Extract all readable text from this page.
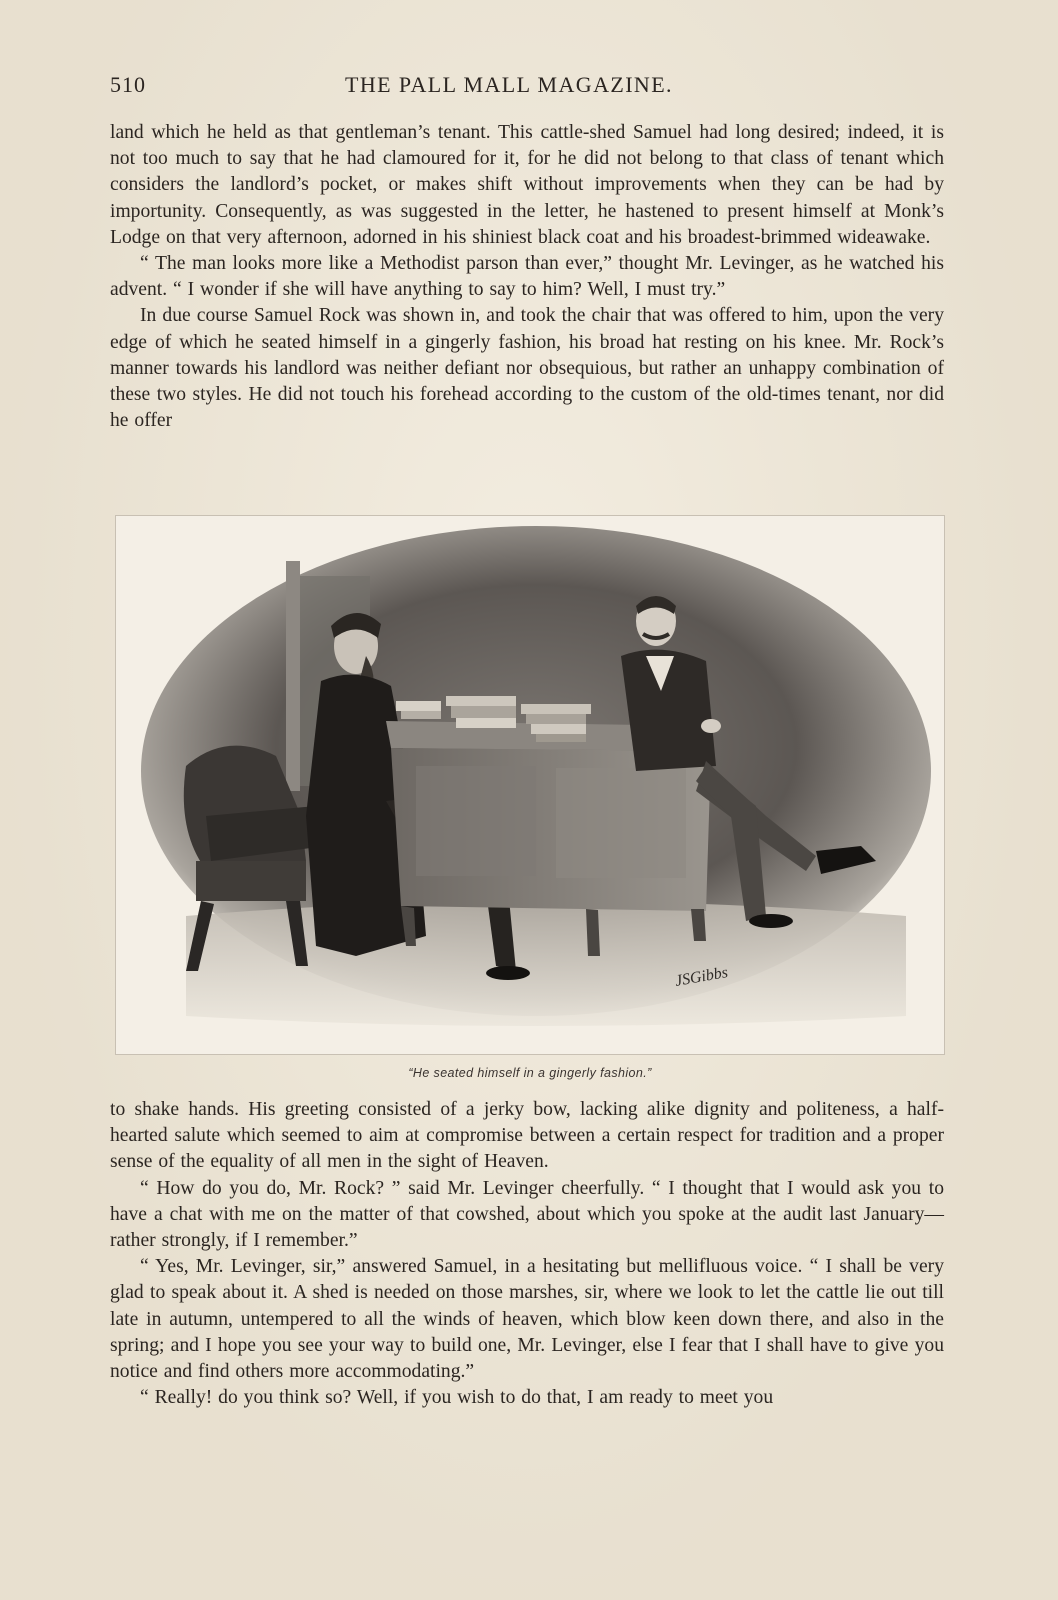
510	THE PALL MALL MAGAZINE.

land which he held as that gentleman’s tenant. This cattle-shed Samuel had long desired; indeed, it is not too much to say that he had clamoured for it, for he did not belong to that class of tenant which considers the landlord’s pocket, or makes shift without improvements when they can be had by importunity. Consequently, as was suggested in the letter, he hastened to present himself at Monk’s Lodge on that very afternoon, adorned in his shiniest black coat and his broadest-brimmed wideawake.

“ The man looks more like a Methodist parson than ever,” thought Mr. Levinger, as he watched his advent. “ I wonder if she will have anything to say to him? Well, I must try.”

In due course Samuel Rock was shown in, and took the chair that was offered to him, upon the very edge of which he seated himself in a gingerly fashion, his broad hat resting on his knee. Mr. Rock’s manner towards his landlord was neither defiant nor obsequious, but rather an unhappy combination of these two styles. He did not touch his forehead according to the custom of the old-times tenant, nor did he offer

JSGibbs
“He seated himself in a gingerly fashion.”

to shake hands. His greeting consisted of a jerky bow, lacking alike dignity and politeness, a half-hearted salute which seemed to aim at compromise between a certain respect for tradition and a proper sense of the equality of all men in the sight of Heaven.

“ How do you do, Mr. Rock? ” said Mr. Levinger cheerfully. “ I thought that I would ask you to have a chat with me on the matter of that cowshed, about which you spoke at the audit last January—rather strongly, if I remember.”

“ Yes, Mr. Levinger, sir,” answered Samuel, in a hesitating but mellifluous voice. “ I shall be very glad to speak about it. A shed is needed on those marshes, sir, where we look to let the cattle lie out till late in autumn, untempered to all the winds of heaven, which blow keen down there, and also in the spring; and I hope you see your way to build one, Mr. Levinger, else I fear that I shall have to give you notice and find others more accommodating.”

“ Really! do you think so? Well, if you wish to do that, I am ready to meet you
